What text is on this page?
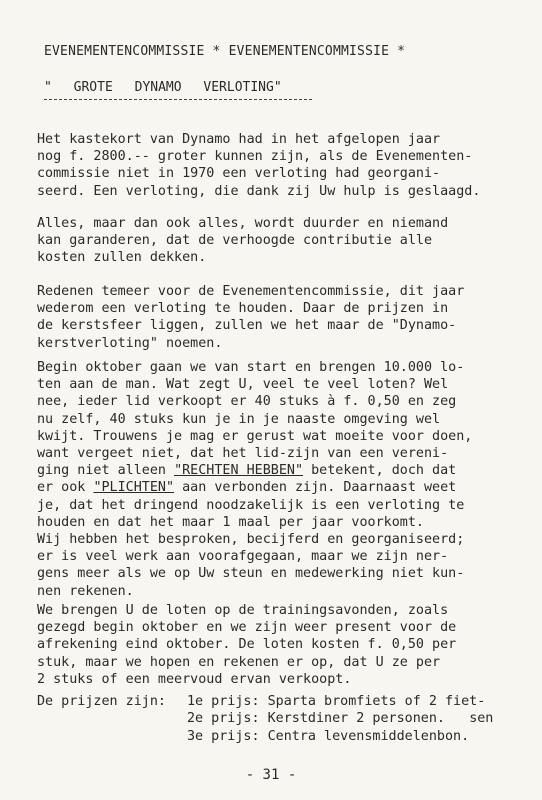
EVENEMENTENCOMMISSIE * EVENEMENTENCOMMISSIE *
" GROTE DYNAMO VERLOTING"

Het kastekort van Dynamo had in het afgelopen jaar
nog f. 2800.-- groter kunnen zijn, als de Evenementen-
commissie niet in 1970 een verloting had georgani-
seerd. Een verloting, die dank zij Uw hulp is geslaagd.

Alles, maar dan ook alles, wordt duurder en niemand
kan garanderen, dat de verhoogde contributie alle
kosten zullen dekken.

Redenen temeer voor de Evenementencommissie, dit jaar
wederom een verloting te houden. Daar de prijzen in
de kerstsfeer liggen, zullen we het maar de "Dynamo-
kerstverloting" noemen.

Begin oktober gaan we van start en brengen 10.000 lo-
ten aan de man. Wat zegt U, veel te veel loten? Wel
nee, ieder lid verkoopt er 40 stuks à f. 0,50 en zeg
nu zelf, 40 stuks kun je in je naaste omgeving wel
kwijt. Trouwens je mag er gerust wat moeite voor doen,
want vergeet niet, dat het lid-zijn van een vereni-
ging niet alleen "RECHTEN HEBBEN" betekent, doch dat
er ook "PLICHTEN" aan verbonden zijn. Daarnaast weet
je, dat het dringend noodzakelijk is een verloting te
houden en dat het maar 1 maal per jaar voorkomt.
Wij hebben het besproken, becijferd en georganiseerd;
er is veel werk aan voorafgegaan, maar we zijn ner-
gens meer als we op Uw steun en medewerking niet kun-
nen rekenen.

We brengen U de loten op de trainingsavonden, zoals
gezegd begin oktober en we zijn weer present voor de
afrekening eind oktober. De loten kosten f. 0,50 per
stuk, maar we hopen en rekenen er op, dat U ze per
2 stuks of een meervoud ervan verkoopt.

De prijzen zijn: 1e prijs: Sparta bromfiets of 2 fiet-
2e prijs: Kerstdiner 2 personen. sen
3e prijs: Centra levensmiddelenbon.
- 31 -
